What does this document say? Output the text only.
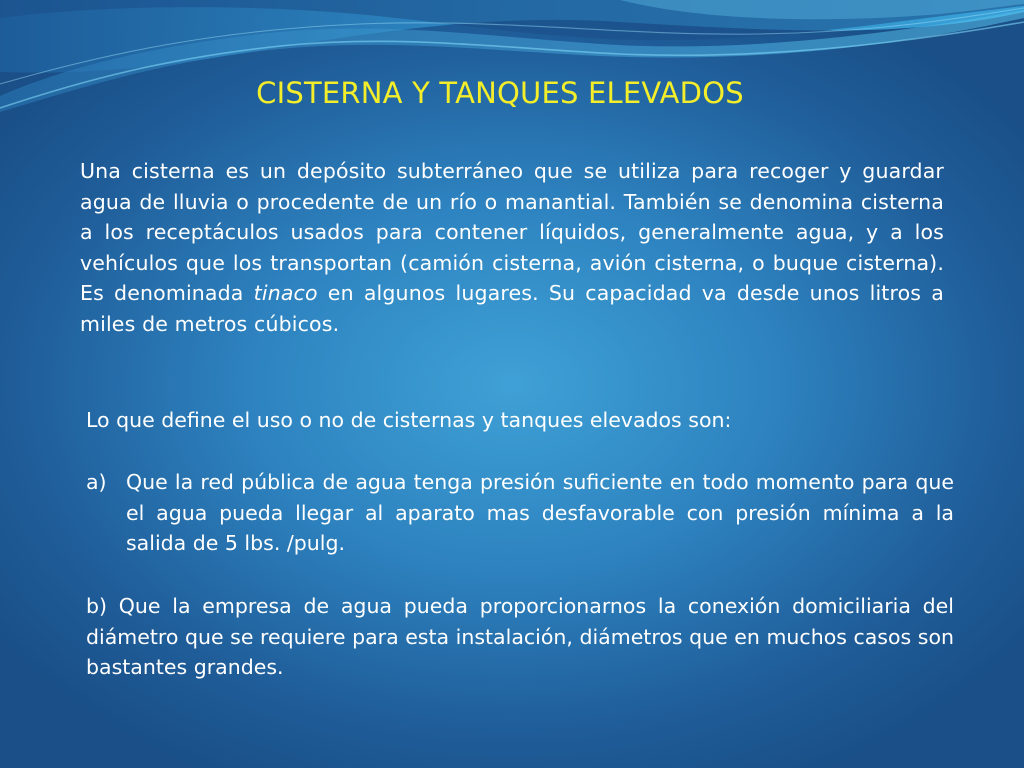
CISTERNA Y TANQUES ELEVADOS

Una cisterna es un depósito subterráneo que se utiliza para recoger y guardar agua de lluvia o procedente de un río o manantial. También se denomina cisterna a los receptáculos usados para contener líquidos, generalmente agua, y a los vehículos que los transportan (camión cisterna, avión cisterna, o buque cisterna). Es denominada tinaco en algunos lugares. Su capacidad va desde unos litros a miles de metros cúbicos.

Lo que define el uso o no de cisternas y tanques elevados son:

a) Que la red pública de agua tenga presión suficiente en todo momento para que el agua pueda llegar al aparato mas desfavorable con presión mínima a la salida de 5 lbs. /pulg.

b) Que la empresa de agua pueda proporcionarnos la conexión domiciliaria del diámetro que se requiere para esta instalación, diámetros que en muchos casos son bastantes grandes.
